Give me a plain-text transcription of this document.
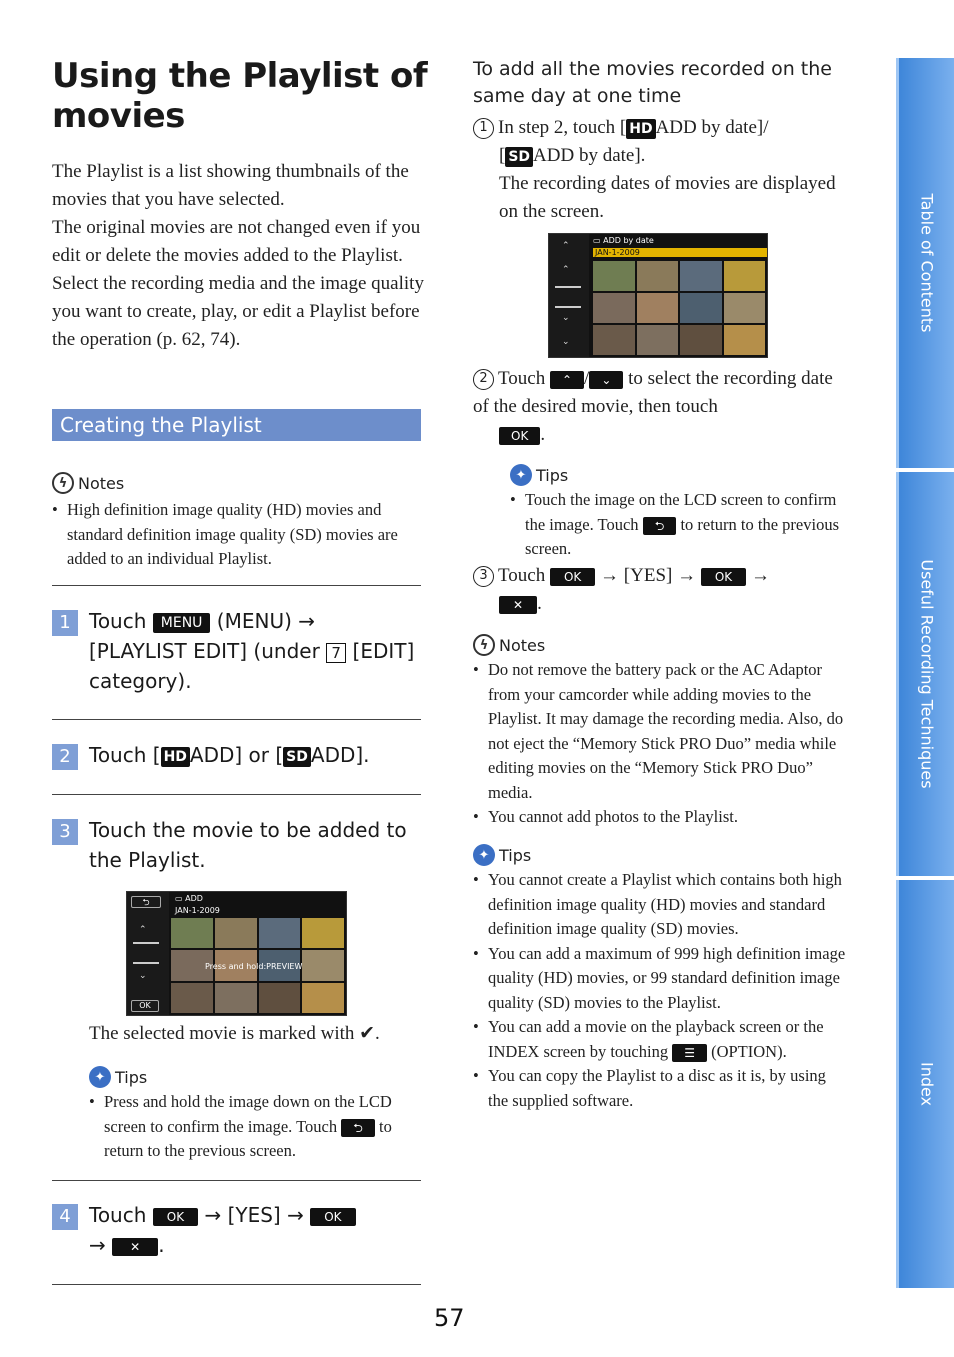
Using the Playlist of movies

The Playlist is a list showing thumbnails of the movies that you have selected.

The original movies are not changed even if you edit or delete the movies added to the Playlist.

Select the recording media and the image quality you want to create, play, or edit a Playlist before the operation (p. 62, 74).

Creating the Playlist
ϟ Notes
• High definition image quality (HD) movies and standard definition image quality (SD) movies are added to an individual Playlist.
1 Touch MENU (MENU) →
[PLAYLIST EDIT] (under 7 [EDIT] category).
2 Touch [ HD ADD] or [ SD ADD].
3 Touch the movie to be added to the Playlist.
⮌
⌃
⌄
OK
▭ ADD
JAN-1-2009
Press and hold:PREVIEW
The selected movie is marked with ✔.
✦ Tips
• Press and hold the image down on the LCD screen to confirm the image. Touch ⮌ to return to the previous screen.
4 Touch OK → [YES] → OK
→ ✕ .
To add all the movies recorded on the same day at one time
1 In step 2, touch [ HD ADD by date]/
[ SD ADD by date].
The recording dates of movies are displayed on the screen.
⌃
⌃
⌄
⌄
▭ ADD by date
JAN-1-2009
2 Touch ⌃ / ⌄ to select the recording date of the desired movie, then touch
OK .
✦ Tips
• Touch the image on the LCD screen to confirm the image. Touch ⮌ to return to the previous screen.
3 Touch OK → [YES] → OK →
✕ .
ϟ Notes
• Do not remove the battery pack or the AC Adaptor from your camcorder while adding movies to the Playlist. It may damage the recording media. Also, do not eject the “Memory Stick PRO Duo” media while editing movies on the “Memory Stick PRO Duo” media.
• You cannot add photos to the Playlist.
✦ Tips
• You cannot create a Playlist which contains both high definition image quality (HD) movies and standard definition image quality (SD) movies.
• You can add a maximum of 999 high definition image quality (HD) movies, or 99 standard definition image quality (SD) movies to the Playlist.
• You can add a movie on the playback screen or the INDEX screen by touching ☰ (OPTION).
• You can copy the Playlist to a disc as it is, by using the supplied software.
Table of Contents
Useful Recording Techniques
Index
57
